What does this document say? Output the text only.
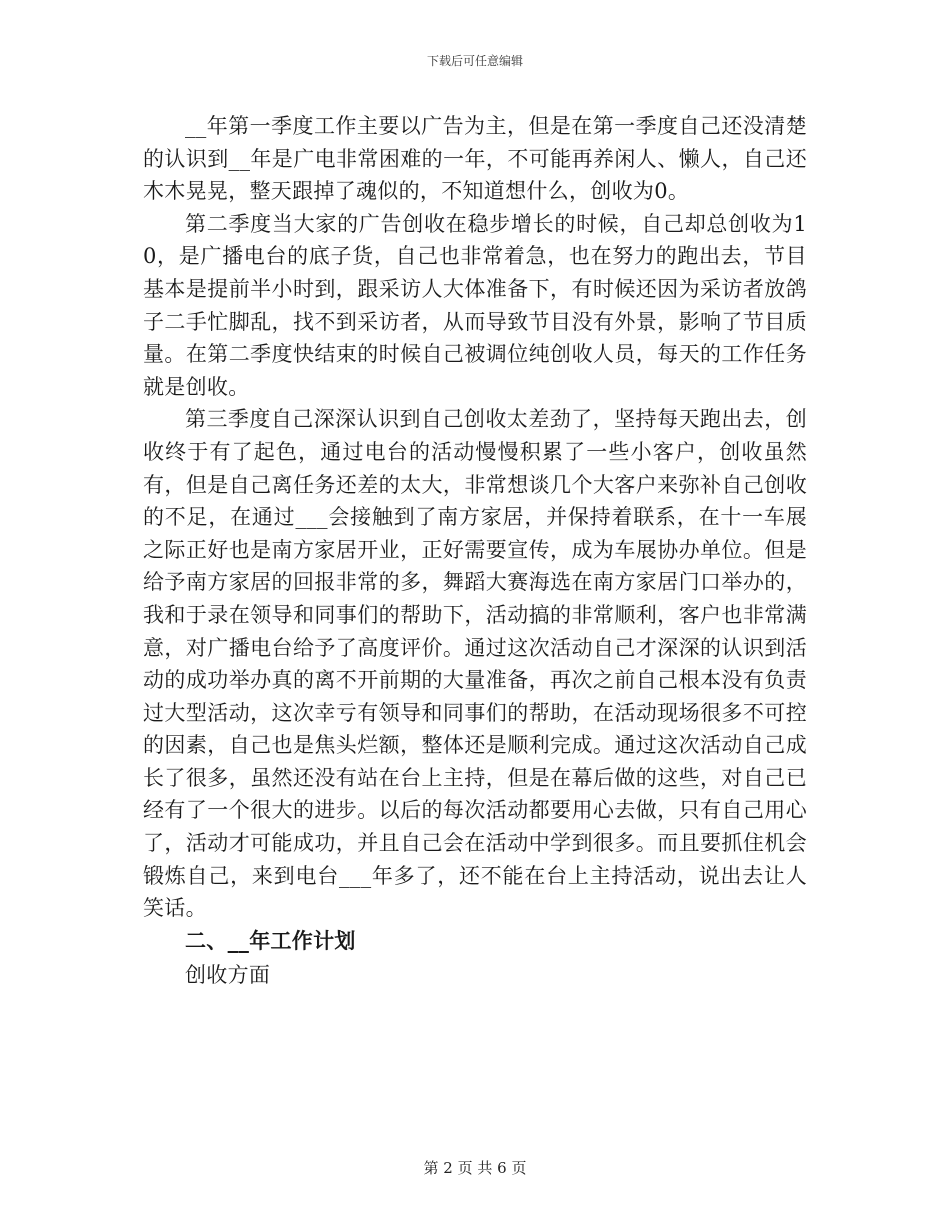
下载后可任意编辑

__年第一季度工作主要以广告为主，但是在第一季度自己还没清楚的认识到__年是广电非常困难的一年，不可能再养闲人、懒人，自己还木木晃晃，整天跟掉了魂似的，不知道想什么，创收为0。

第二季度当大家的广告创收在稳步增长的时候，自己却总创收为10，是广播电台的底子货，自己也非常着急，也在努力的跑出去，节目基本是提前半小时到，跟采访人大体准备下，有时候还因为采访者放鸽子二手忙脚乱，找不到采访者，从而导致节目没有外景，影响了节目质量。在第二季度快结束的时候自己被调位纯创收人员，每天的工作任务就是创收。

第三季度自己深深认识到自己创收太差劲了，坚持每天跑出去，创收终于有了起色，通过电台的活动慢慢积累了一些小客户，创收虽然有，但是自己离任务还差的太大，非常想谈几个大客户来弥补自己创收的不足，在通过___会接触到了南方家居，并保持着联系，在十一车展之际正好也是南方家居开业，正好需要宣传，成为车展协办单位。但是给予南方家居的回报非常的多，舞蹈大赛海选在南方家居门口举办的，我和于录在领导和同事们的帮助下，活动搞的非常顺利，客户也非常满意，对广播电台给予了高度评价。通过这次活动自己才深深的认识到活动的成功举办真的离不开前期的大量准备，再次之前自己根本没有负责过大型活动，这次幸亏有领导和同事们的帮助，在活动现场很多不可控的因素，自己也是焦头烂额，整体还是顺利完成。通过这次活动自己成长了很多，虽然还没有站在台上主持，但是在幕后做的这些，对自己已经有了一个很大的进步。以后的每次活动都要用心去做，只有自己用心了，活动才可能成功，并且自己会在活动中学到很多。而且要抓住机会锻炼自己，来到电台___年多了，还不能在台上主持活动，说出去让人笑话。

二、__年工作计划

创收方面

第 2 页 共 6 页
